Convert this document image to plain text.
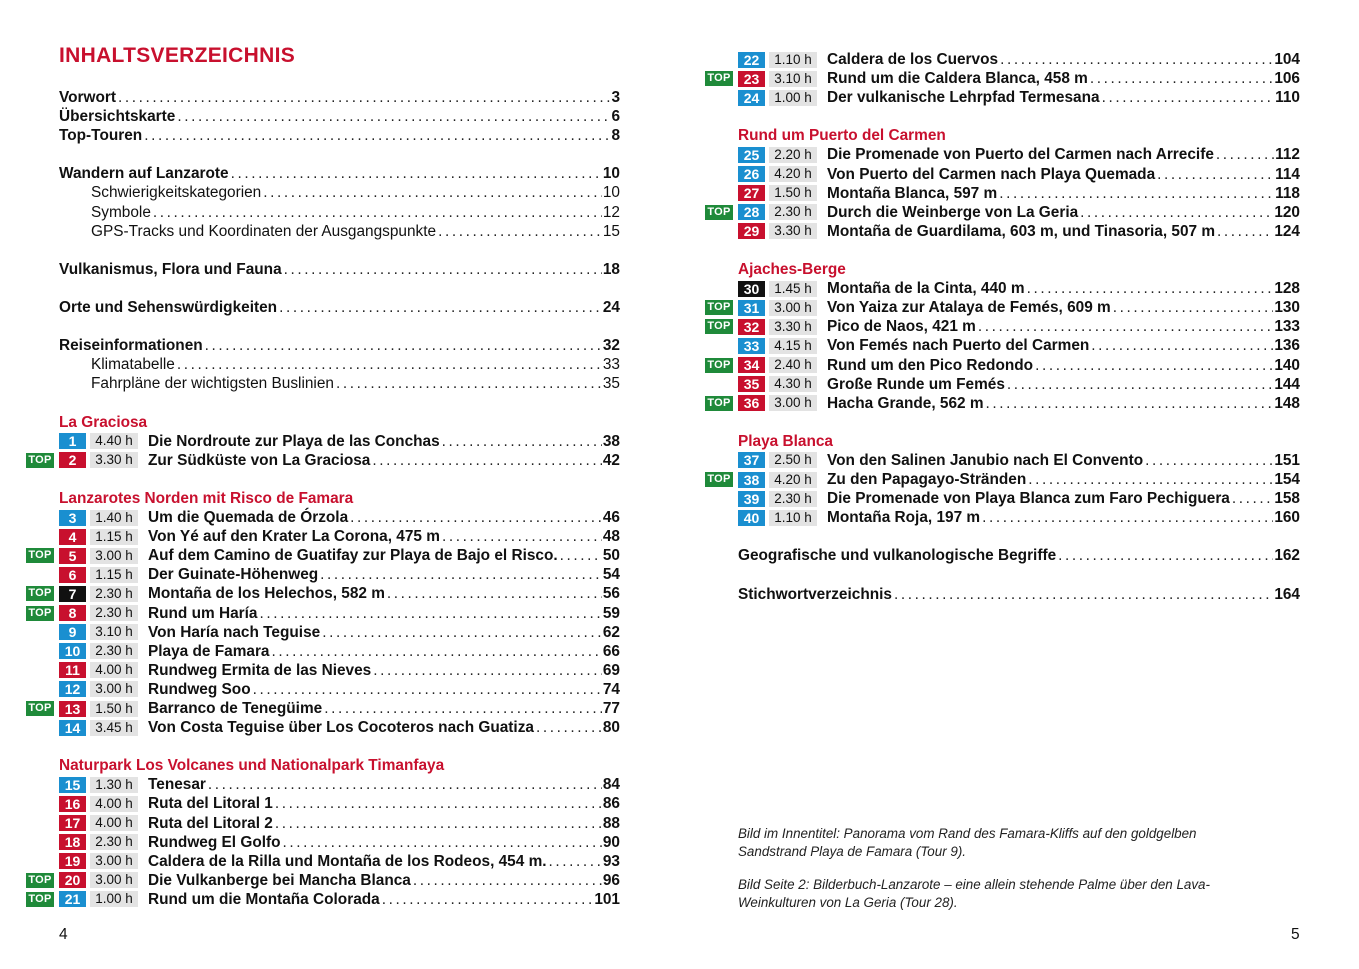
INHALTSVERZEICHNIS
Vorwort .....	3
Übersichtskarte .....	6
Top-Touren .....	8
Wandern auf Lanzarote .....	10
Schwierigkeitskategorien .....	10
Symbole .....	12
GPS-Tracks und Koordinaten der Ausgangspunkte .....	15
Vulkanismus, Flora und Fauna .....	18
Orte und Sehenswürdigkeiten .....	24
Reiseinformationen .....	32
Klimatabelle .....	33
Fahrpläne der wichtigsten Buslinien .....	35
La Graciosa
1	4.40 h Die Nordroute zur Playa de las Conchas .....	38
TOP	2	3.30 h Zur Südküste von La Graciosa .....	42
Lanzarotes Norden mit Risco de Famara
3	1.40 h Um die Quemada de Órzola .....	46
4	1.15 h Von Yé auf den Krater La Corona, 475 m .....	48
TOP	5	3.00 h Auf dem Camino de Guatifay zur Playa de Bajo el Risco. .....	50
6	1.15 h Der Guinate-Höhenweg .....	54
TOP	7	2.30 h Montaña de los Helechos, 582 m .....	56
TOP	8	2.30 h Rund um Haría .....	59
9	3.10 h Von Haría nach Teguise .....	62
10	2.30 h Playa de Famara .....	66
11	4.00 h Rundweg Ermita de las Nieves .....	69
12	3.00 h Rundweg Soo .....	74
TOP 13	1.50 h Barranco de Tenegüime .....	77
14	3.45 h Von Costa Teguise über Los Cocoteros nach Guatiza .....	80
Naturpark Los Volcanes und Nationalpark Timanfaya
15	1.30 h Tenesar .....	84
16	4.00 h Ruta del Litoral 1 .....	86
17	4.00 h Ruta del Litoral 2 .....	88
18	2.30 h Rundweg El Golfo .....	90
19	3.00 h Caldera de la Rilla und Montaña de los Rodeos, 454 m. .....	93
TOP 20	3.00 h Die Vulkanberge bei Mancha Blanca .....	96
TOP 21	1.00 h Rund um die Montaña Colorada .....	101
4
22	1.10 h Caldera de los Cuervos .....	104
TOP 23	3.10 h Rund um die Caldera Blanca, 458 m .....	106
24	1.00 h Der vulkanische Lehrpfad Termesana .....	110
Rund um Puerto del Carmen
25	2.20 h Die Promenade von Puerto del Carmen nach Arrecife .....	112
26	4.20 h Von Puerto del Carmen nach Playa Quemada .....	114
27	1.50 h Montaña Blanca, 597 m .....	118
TOP 28	2.30 h Durch die Weinberge von La Geria .....	120
29	3.30 h Montaña de Guardilama, 603 m, und Tinasoria, 507 m .....	124
Ajaches-Berge
30	1.45 h Montaña de la Cinta, 440 m .....	128
TOP 31	3.00 h Von Yaiza zur Atalaya de Femés, 609 m .....	130
TOP 32	3.30 h Pico de Naos, 421 m .....	133
33	4.15 h Von Femés nach Puerto del Carmen .....	136
TOP 34	2.40 h Rund um den Pico Redondo .....	140
35	4.30 h Große Runde um Femés .....	144
TOP 36	3.00 h Hacha Grande, 562 m .....	148
Playa Blanca
37	2.50 h Von den Salinen Janubio nach El Convento .....	151
TOP 38	4.20 h Zu den Papagayo-Stränden .....	154
39	2.30 h Die Promenade von Playa Blanca zum Faro Pechiguera .....	158
40	1.10 h Montaña Roja, 197 m .....	160
Geografische und vulkanologische Begriffe .....	162
Stichwortverzeichnis .....	164
Bild im Innentitel: Panorama vom Rand des Famara-Kliffs auf den goldgelben Sandstrand Playa de Famara (Tour 9).
Bild Seite 2: Bilderbuch-Lanzarote – eine allein stehende Palme über den Lava-Weinkulturen von La Geria (Tour 28).
5
